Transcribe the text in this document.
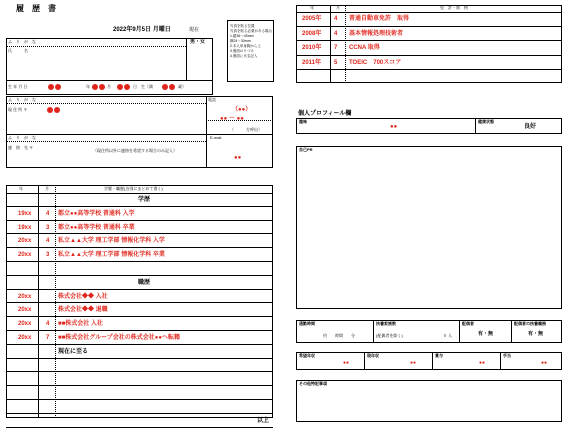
履　歴　書
2022年9月5日 月曜日	現在
写真を貼る位置
写真を貼る必要がある場合
1.縦36～40mm
横24～30mm
2.本人単身胸から上
3.裏面のりづけ
4.裏面に氏名記入
ふ　り　が　な	男・女
氏　　　名
生 年 月 日	年	月	日 生（満	歳）
ふ　り　が　な
現 住 所 〒
電話
（●●）
●● － ●●
（　　　方呼出）
E-mail
ふ　り　が　な
連　絡　先 〒
（現住所以外に連絡を希望する場合のみ記入）
●●
年	月	学歴・職歴(各別にまとめて書く)
学歴
19xx 4 都立●●高等学校 普通科 入学
19xx 3 都立●●高等学校 普通科 卒業
20xx 4 私立▲▲大学 理工学部 情報化学科 入学
20xx 3 私立▲▲大学 理工学部 情報化学科 卒業
職歴
20xx	株式会社◆◆ 入社
20xx	株式会社◆◆ 退職
20xx 4 ■■株式会社 入社
20xx 7 ■■株式会社グループ会社の株式会社●●へ転籍
現在に至る
以上
年	月	免　許・資　格
2005年 4 普通自動車免許　取得
2008年 4 基本情報処理技術者
2010年 7 CCNA 取得
2011年 5 TOEIC　700スコア
個人プロフィール欄
趣味
●●
健康状態
良好
自己PR
通勤時間
約　　時間　　分
扶養家族数
(配偶者を除く)	０ 人
配偶者
有・無
配偶者の扶養義務
有・無
希望年収
●●
現年収
●●
賞与
●●
手当
●●
その他特記事項
